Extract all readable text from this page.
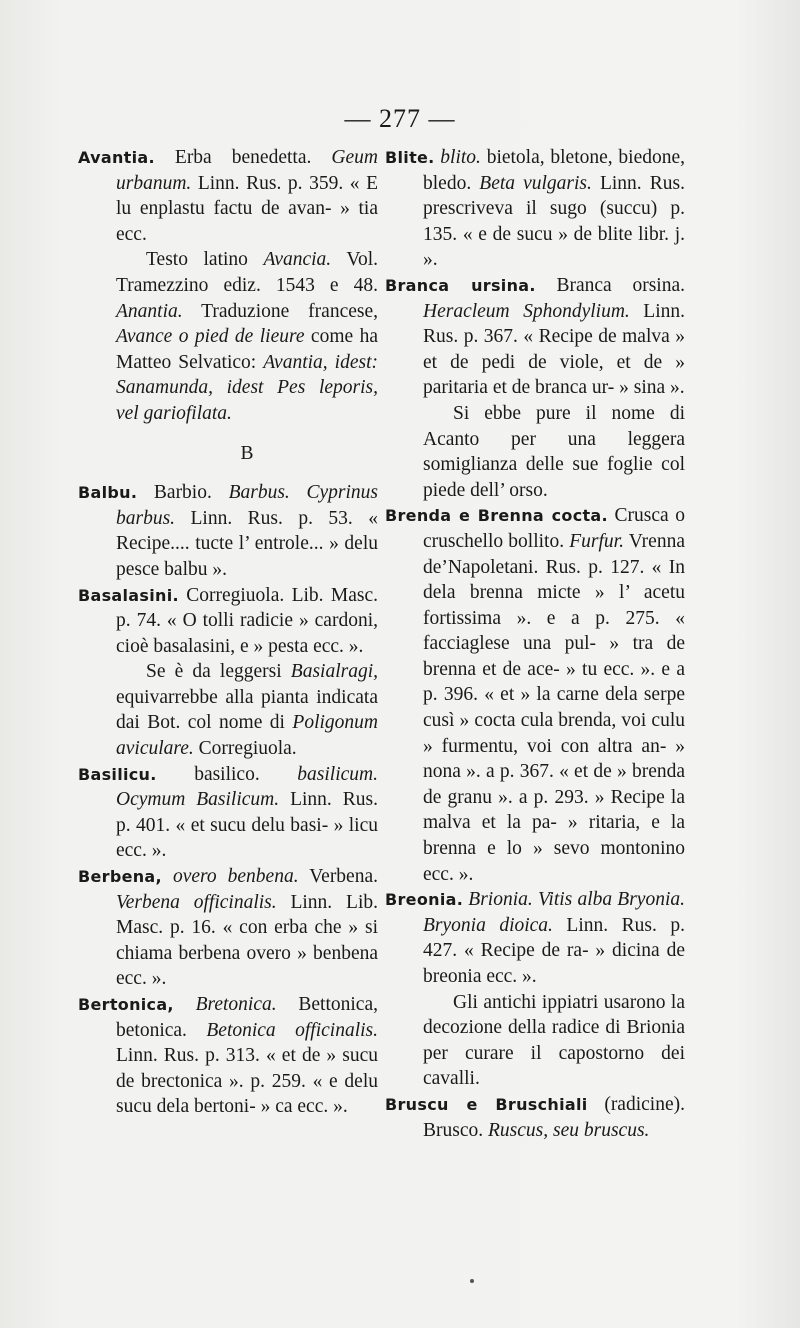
— 277 —

Avantia. Erba benedetta. Geum urbanum. Linn. Rus. p. 359. « E lu enplastu factu de avan- » tia ecc.

Testo latino Avancia. Vol. Tramezzino ediz. 1543 e 48. Anantia. Traduzione francese, Avance o pied de lieure come ha Matteo Selvatico: Avantia, idest: Sanamunda, idest Pes leporis, vel gariofilata.

B

Balbu. Barbio. Barbus. Cyprinus barbus. Linn. Rus. p. 53. « Recipe.... tucte l’ entrole... » delu pesce balbu ».

Basalasini. Corregiuola. Lib. Masc. p. 74. « O tolli radicie » cardoni, cioè basalasini, e » pesta ecc. ».

Se è da leggersi Basialragi, equivarrebbe alla pianta indicata dai Bot. col nome di Poligonum aviculare. Corregiuola.

Basilicu. basilico. basilicum. Ocymum Basilicum. Linn. Rus. p. 401. « et sucu delu basi- » licu ecc. ».

Berbena, overo benbena. Verbena. Verbena officinalis. Linn. Lib. Masc. p. 16. « con erba che » si chiama berbena overo » benbena ecc. ».

Bertonica, Bretonica. Bettonica, betonica. Betonica officinalis. Linn. Rus. p. 313. « et de » sucu de brectonica ». p. 259. « e delu sucu dela bertoni- » ca ecc. ».

Blite. blito. bietola, bletone, biedone, bledo. Beta vulgaris. Linn. Rus. prescriveva il sugo (succu) p. 135. « e de sucu » de blite libr. j. ».

Branca ursina. Branca orsina. Heracleum Sphondylium. Linn. Rus. p. 367. « Recipe de malva » et de pedi de viole, et de » paritaria et de branca ur- » sina ».

Si ebbe pure il nome di Acanto per una leggera somiglianza delle sue foglie col piede dell’ orso.

Brenda e Brenna cocta. Crusca o cruschello bollito. Furfur. Vrenna de’Napoletani. Rus. p. 127. « In dela brenna micte » l’ acetu fortissima ». e a p. 275. « facciaglese una pul- » tra de brenna et de ace- » tu ecc. ». e a p. 396. « et » la carne dela serpe cusì » cocta cula brenda, voi culu » furmentu, voi con altra an- » nona ». a p. 367. « et de » brenda de granu ». a p. 293. » Recipe la malva et la pa- » ritaria, e la brenna e lo » sevo montonino ecc. ».

Breonia. Brionia. Vitis alba Bryonia. Bryonia dioica. Linn. Rus. p. 427. « Recipe de ra- » dicina de breonia ecc. ».

Gli antichi ippiatri usarono la decozione della radice di Brionia per curare il capostorno dei cavalli.

Bruscu e Bruschiali (radicine). Brusco. Ruscus, seu bruscus.
